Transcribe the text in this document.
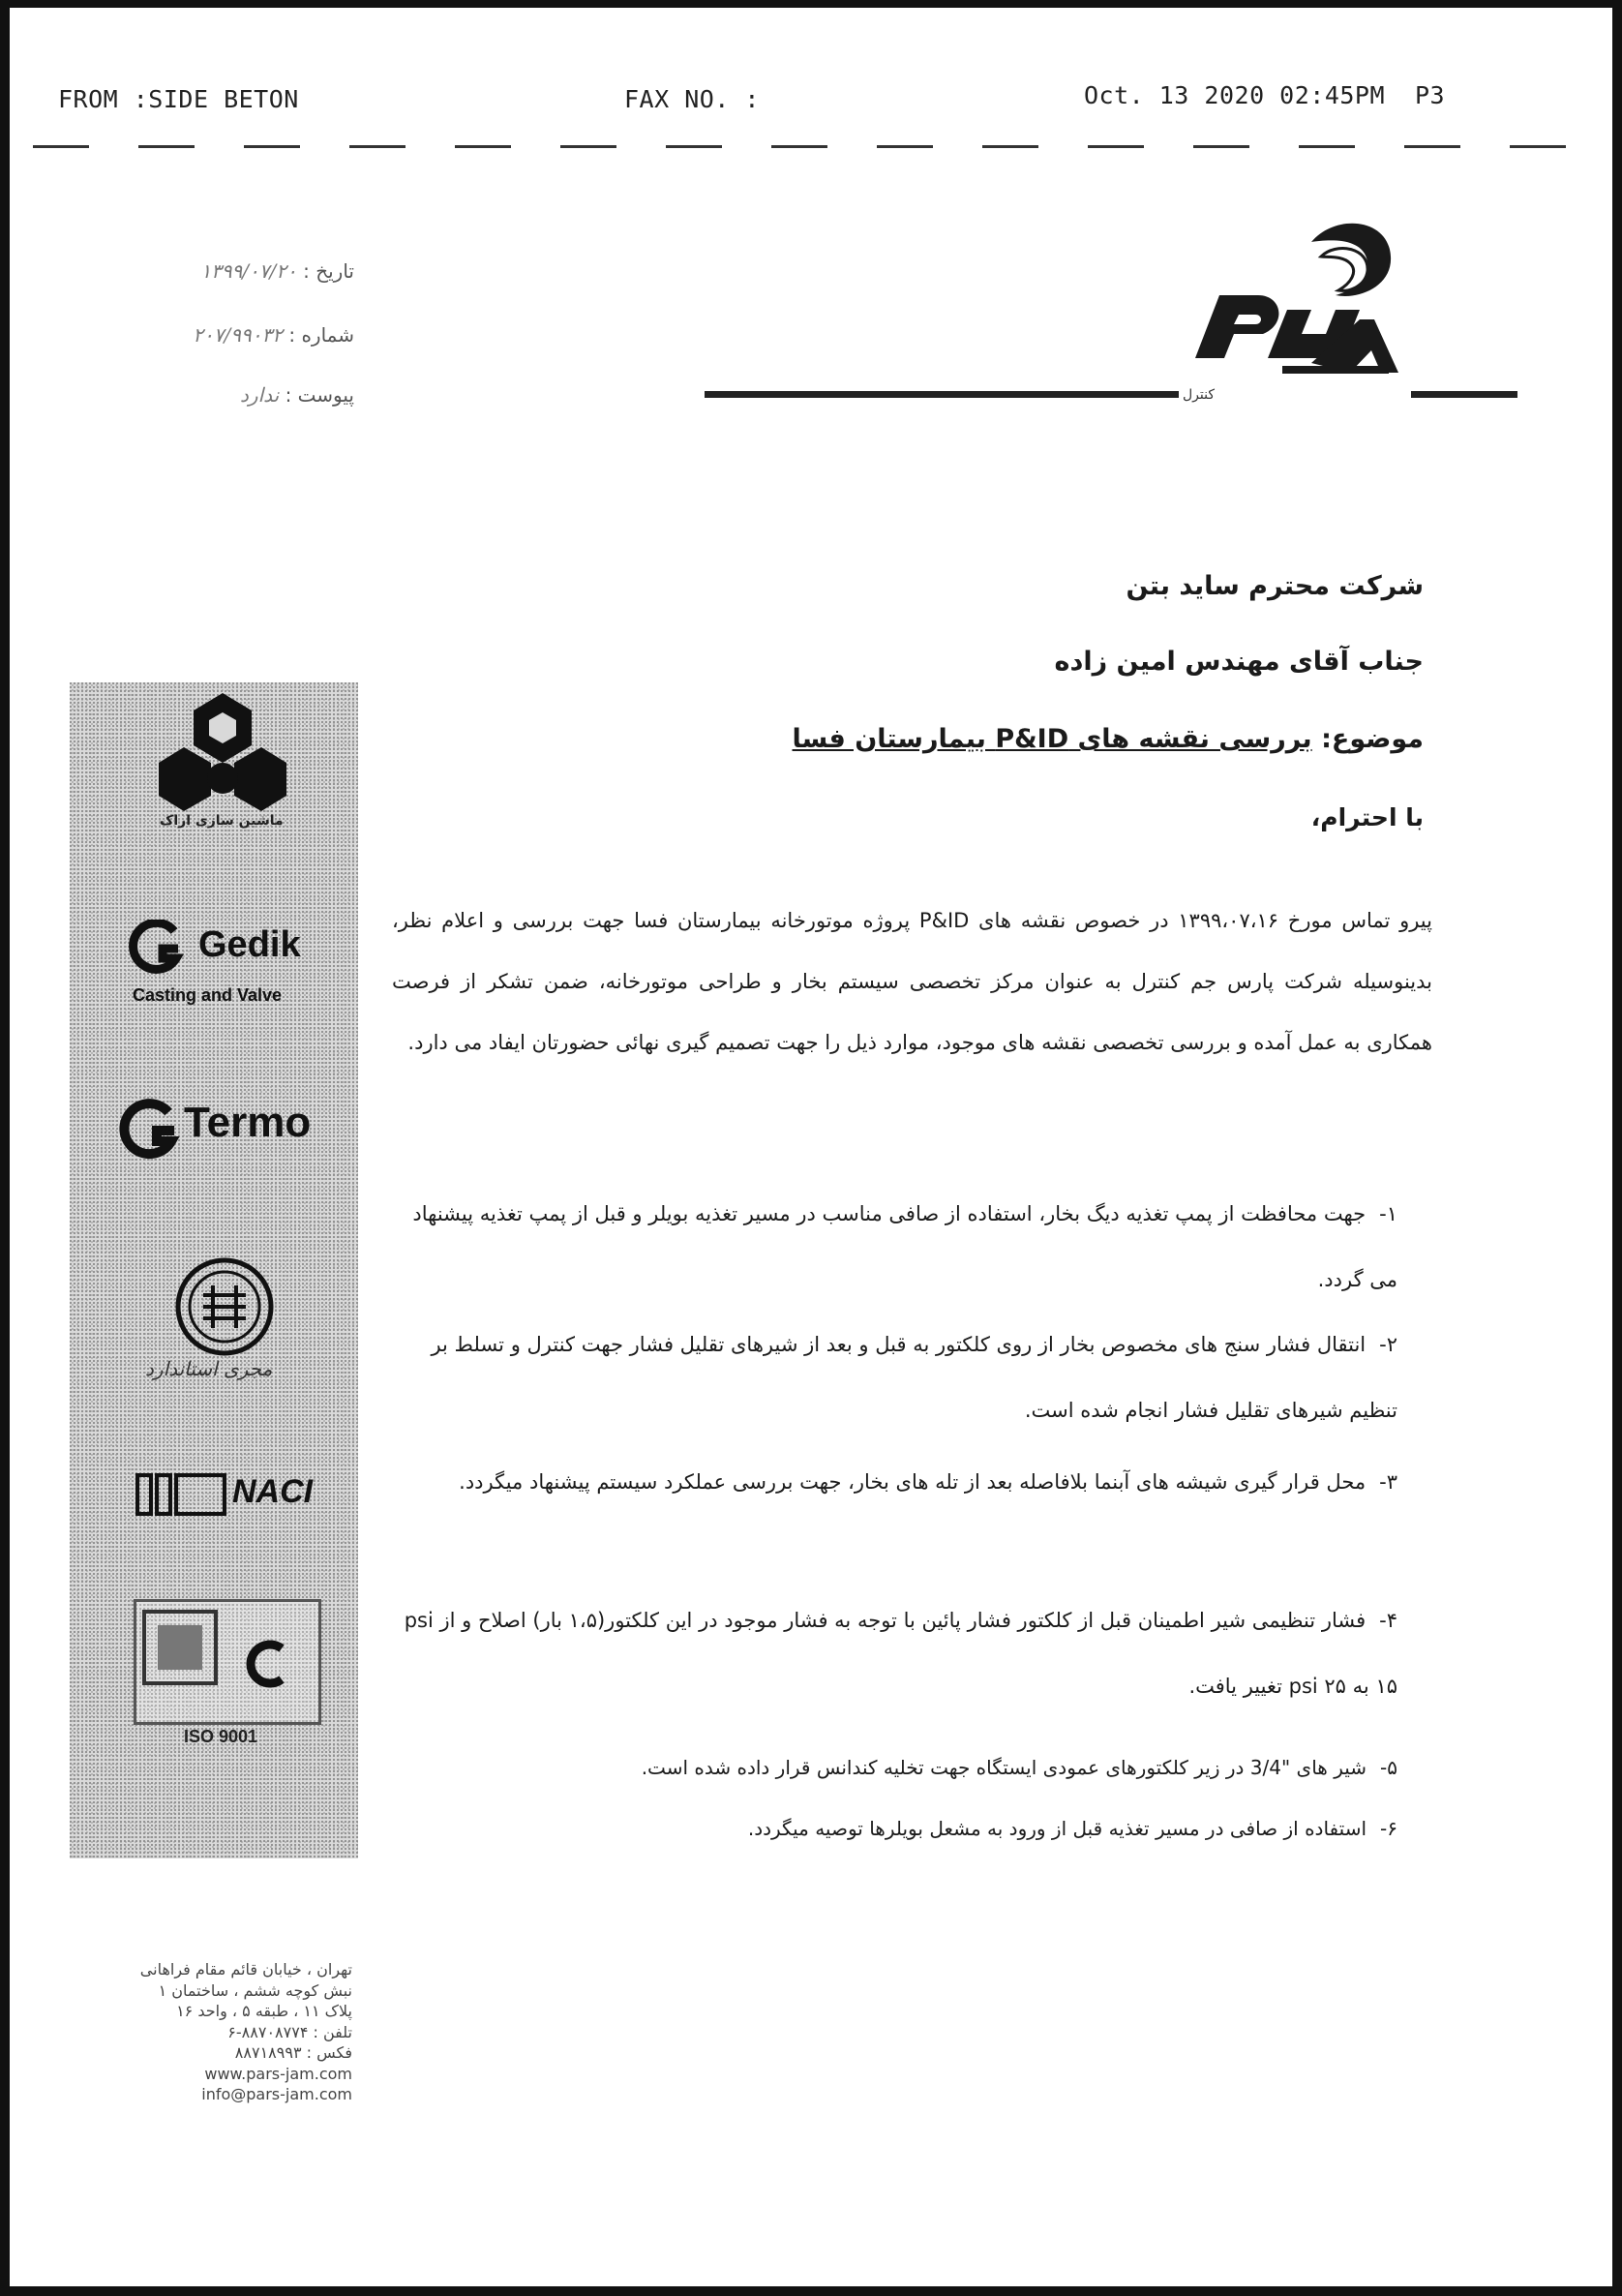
FROM :SIDE BETON	FAX NO. :	Oct. 13 2020 02:45PM P3
تاریخ : ۱۳۹۹/۰۷/۲۰
شماره : ۲۰۷/۹۹۰۳۲
پیوست : ندارد	کنترل
شرکت محترم ساید بتن
جناب آقای مهندس امین زاده
موضوع: بررسی نقشه های P&ID بیمارستان فسا
با احترام،
پیرو تماس مورخ ۱۳۹۹،۰۷،۱۶ در خصوص نقشه های P&ID پروژه موتورخانه بیمارستان فسا جهت بررسی و اعلام نظر، بدینوسیله شرکت پارس جم کنترل به عنوان مرکز تخصصی سیستم بخار و طراحی موتورخانه، ضمن تشکر از فرصت همکاری به عمل آمده و بررسی تخصصی نقشه های موجود، موارد ذیل را جهت تصمیم گیری نهائی حضورتان ایفاد می دارد.
۱-جهت محافظت از پمپ تغذیه دیگ بخار، استفاده از صافی مناسب در مسیر تغذیه بویلر و قبل از پمپ تغذیه پیشنهاد می گردد.
۲-انتقال فشار سنج های مخصوص بخار از روی کلکتور به قبل و بعد از شیرهای تقلیل فشار جهت کنترل و تسلط بر تنظیم شیرهای تقلیل فشار انجام شده است.
۳-محل قرار گیری شیشه های آبنما بلافاصله بعد از تله های بخار، جهت بررسی عملکرد سیستم پیشنهاد میگردد.
۴-فشار تنظیمی شیر اطمینان قبل از کلکتور فشار پائین با توجه به فشار موجود در این کلکتور(۱،۵ بار) اصلاح و از psi ۱۵ به psi ۲۵ تغییر یافت.
۵-شیر های "3/4 در زیر کلکتورهای عمودی ایستگاه جهت تخلیه کندانس قرار داده شده است.
۶-استفاده از صافی در مسیر تغذیه قبل از ورود به مشعل بویلرها توصیه میگردد.
ماشین سازی اراک
Gedik
Casting and Valve
Termo
مجری استاندارد
NACI
ISO 9001
تهران ، خیابان قائم مقام فراهانی
نبش کوچه ششم ، ساختمان ۱
پلاک ۱۱ ، طبقه ۵ ، واحد ۱۶
تلفن : ۸۸۷۰۸۷۷۴-۶
فکس : ۸۸۷۱۸۹۹۳
www.pars-jam.com
info@pars-jam.com
